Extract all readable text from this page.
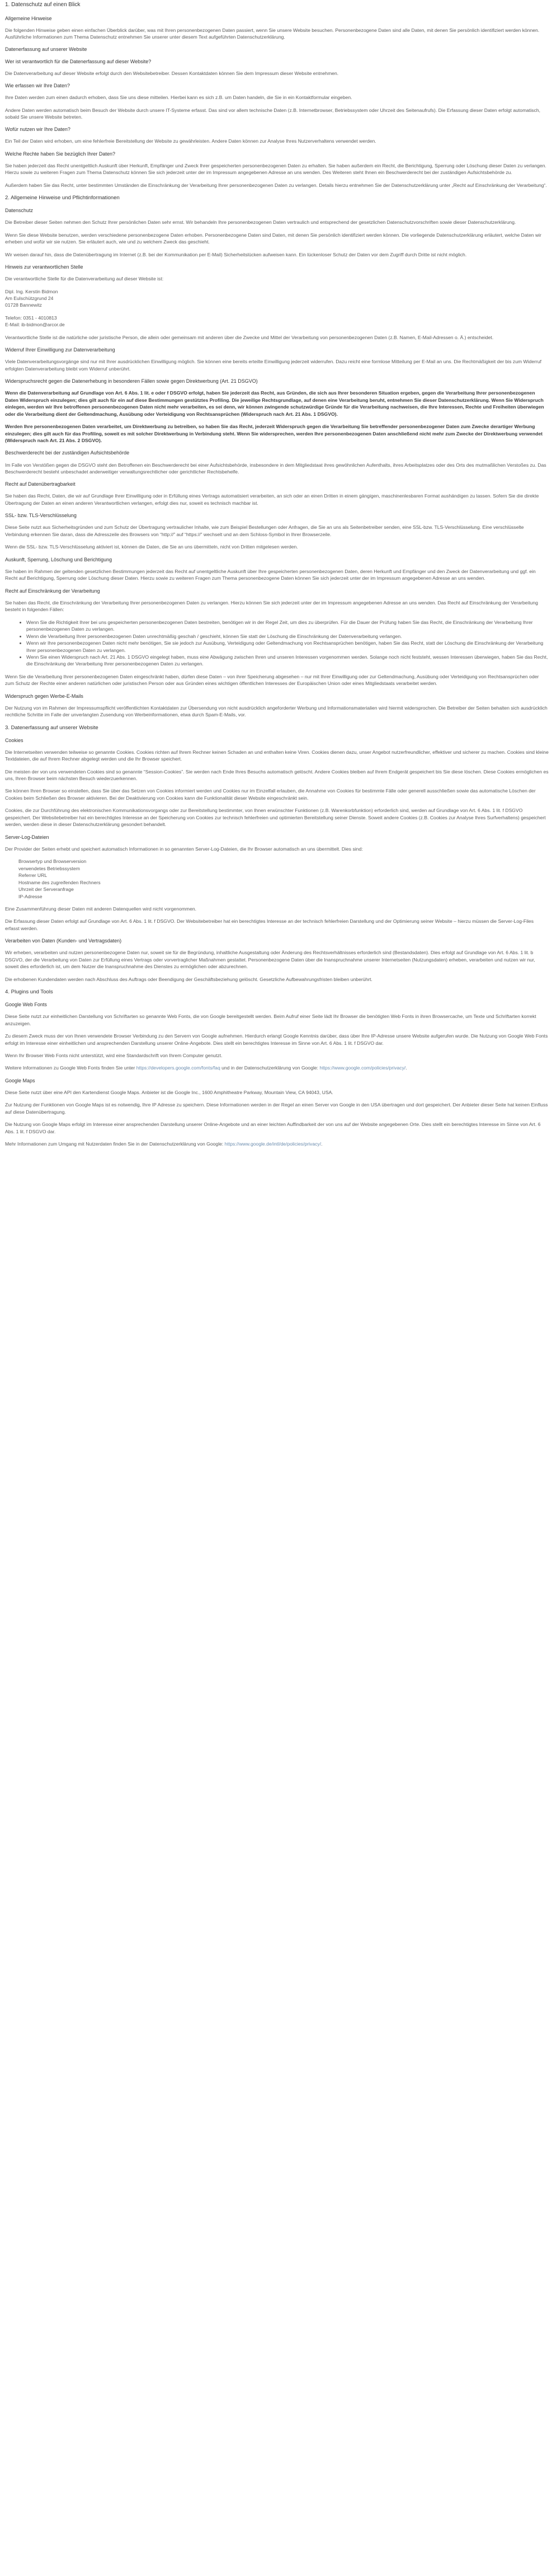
1. Datenschutz auf einen Blick
Allgemeine Hinweise
Die folgenden Hinweise geben einen einfachen Überblick darüber, was mit Ihren personenbezogenen Daten passiert, wenn Sie unsere Website besuchen. Personenbezogene Daten sind alle Daten, mit denen Sie persönlich identifiziert werden können. Ausführliche Informationen zum Thema Datenschutz entnehmen Sie unserer unter diesem Text aufgeführten Datenschutzerklärung.
Datenerfassung auf unserer Website
Wer ist verantwortlich für die Datenerfassung auf dieser Website?
Die Datenverarbeitung auf dieser Website erfolgt durch den Websitebetreiber. Dessen Kontaktdaten können Sie dem Impressum dieser Website entnehmen.
Wie erfassen wir Ihre Daten?
Ihre Daten werden zum einen dadurch erhoben, dass Sie uns diese mitteilen. Hierbei kann es sich z.B. um Daten handeln, die Sie in ein Kontaktformular eingeben.
Andere Daten werden automatisch beim Besuch der Website durch unsere IT-Systeme erfasst. Das sind vor allem technische Daten (z.B. Internetbrowser, Betriebssystem oder Uhrzeit des Seitenaufrufs). Die Erfassung dieser Daten erfolgt automatisch, sobald Sie unsere Website betreten.
Wofür nutzen wir Ihre Daten?
Ein Teil der Daten wird erhoben, um eine fehlerfreie Bereitstellung der Website zu gewährleisten. Andere Daten können zur Analyse Ihres Nutzerverhaltens verwendet werden.
Welche Rechte haben Sie bezüglich Ihrer Daten?
Sie haben jederzeit das Recht unentgeltlich Auskunft über Herkunft, Empfänger und Zweck Ihrer gespeicherten personenbezogenen Daten zu erhalten. Sie haben außerdem ein Recht, die Berichtigung, Sperrung oder Löschung dieser Daten zu verlangen. Hierzu sowie zu weiteren Fragen zum Thema Datenschutz können Sie sich jederzeit unter der im Impressum angegebenen Adresse an uns wenden. Des Weiteren steht Ihnen ein Beschwerderecht bei der zuständigen Aufsichtsbehörde zu.
Außerdem haben Sie das Recht, unter bestimmten Umständen die Einschränkung der Verarbeitung Ihrer personenbezogenen Daten zu verlangen. Details hierzu entnehmen Sie der Datenschutzerklärung unter „Recht auf Einschränkung der Verarbeitung“.
2. Allgemeine Hinweise und Pflichtinformationen
Datenschutz
Die Betreiber dieser Seiten nehmen den Schutz Ihrer persönlichen Daten sehr ernst. Wir behandeln Ihre personenbezogenen Daten vertraulich und entsprechend der gesetzlichen Datenschutzvorschriften sowie dieser Datenschutzerklärung.
Wenn Sie diese Website benutzen, werden verschiedene personenbezogene Daten erhoben. Personenbezogene Daten sind Daten, mit denen Sie persönlich identifiziert werden können. Die vorliegende Datenschutzerklärung erläutert, welche Daten wir erheben und wofür wir sie nutzen. Sie erläutert auch, wie und zu welchem Zweck das geschieht.
Wir weisen darauf hin, dass die Datenübertragung im Internet (z.B. bei der Kommunikation per E-Mail) Sicherheitslücken aufweisen kann. Ein lückenloser Schutz der Daten vor dem Zugriff durch Dritte ist nicht möglich.
Hinweis zur verantwortlichen Stelle
Die verantwortliche Stelle für die Datenverarbeitung auf dieser Website ist:
Dipl. Ing. Kerstin Bidmon
Am Eulschützgrund 24
01728 Bannewitz
Telefon: 0351 - 4010813
E-Mail: ib-bidmon@arcor.de
Verantwortliche Stelle ist die natürliche oder juristische Person, die allein oder gemeinsam mit anderen über die Zwecke und Mittel der Verarbeitung von personenbezogenen Daten (z.B. Namen, E-Mail-Adressen o. Ä.) entscheidet.
Widerruf Ihrer Einwilligung zur Datenverarbeitung
Viele Datenverarbeitungsvorgänge sind nur mit Ihrer ausdrücklichen Einwilligung möglich. Sie können eine bereits erteilte Einwilligung jederzeit widerrufen. Dazu reicht eine formlose Mitteilung per E-Mail an uns. Die Rechtmäßigkeit der bis zum Widerruf erfolgten Datenverarbeitung bleibt vom Widerruf unberührt.
Widerspruchsrecht gegen die Datenerhebung in besonderen Fällen sowie gegen Direktwerbung (Art. 21 DSGVO)
Wenn die Datenverarbeitung auf Grundlage von Art. 6 Abs. 1 lit. e oder f DSGVO erfolgt, haben Sie jederzeit das Recht, aus Gründen, die sich aus Ihrer besonderen Situation ergeben, gegen die Verarbeitung Ihrer personenbezogenen Daten Widerspruch einzulegen; dies gilt auch für ein auf diese Bestimmungen gestütztes Profiling. Die jeweilige Rechtsgrundlage, auf denen eine Verarbeitung beruht, entnehmen Sie dieser Datenschutzerklärung. Wenn Sie Widerspruch einlegen, werden wir Ihre betroffenen personenbezogenen Daten nicht mehr verarbeiten, es sei denn, wir können zwingende schutzwürdige Gründe für die Verarbeitung nachweisen, die Ihre Interessen, Rechte und Freiheiten überwiegen oder die Verarbeitung dient der Geltendmachung, Ausübung oder Verteidigung von Rechtsansprüchen (Widerspruch nach Art. 21 Abs. 1 DSGVO).
Werden Ihre personenbezogenen Daten verarbeitet, um Direktwerbung zu betreiben, so haben Sie das Recht, jederzeit Widerspruch gegen die Verarbeitung Sie betreffender personenbezogener Daten zum Zwecke derartiger Werbung einzulegen; dies gilt auch für das Profiling, soweit es mit solcher Direktwerbung in Verbindung steht. Wenn Sie widersprechen, werden Ihre personenbezogenen Daten anschließend nicht mehr zum Zwecke der Direktwerbung verwendet (Widerspruch nach Art. 21 Abs. 2 DSGVO).
Beschwerderecht bei der zuständigen Aufsichtsbehörde
Im Falle von Verstößen gegen die DSGVO steht den Betroffenen ein Beschwerderecht bei einer Aufsichtsbehörde, insbesondere in dem Mitgliedstaat ihres gewöhnlichen Aufenthalts, ihres Arbeitsplatzes oder des Orts des mutmaßlichen Verstoßes zu. Das Beschwerderecht besteht unbeschadet anderweitiger verwaltungsrechtlicher oder gerichtlicher Rechtsbehelfe.
Recht auf Datenübertragbarkeit
Sie haben das Recht, Daten, die wir auf Grundlage Ihrer Einwilligung oder in Erfüllung eines Vertrags automatisiert verarbeiten, an sich oder an einen Dritten in einem gängigen, maschinenlesbaren Format aushändigen zu lassen. Sofern Sie die direkte Übertragung der Daten an einen anderen Verantwortlichen verlangen, erfolgt dies nur, soweit es technisch machbar ist.
SSL- bzw. TLS-Verschlüsselung
Diese Seite nutzt aus Sicherheitsgründen und zum Schutz der Übertragung vertraulicher Inhalte, wie zum Beispiel Bestellungen oder Anfragen, die Sie an uns als Seitenbetreiber senden, eine SSL-bzw. TLS-Verschlüsselung. Eine verschlüsselte Verbindung erkennen Sie daran, dass die Adresszeile des Browsers von “http://” auf “https://” wechselt und an dem Schloss-Symbol in Ihrer Browserzeile.
Wenn die SSL- bzw. TLS-Verschlüsselung aktiviert ist, können die Daten, die Sie an uns übermitteln, nicht von Dritten mitgelesen werden.
Auskunft, Sperrung, Löschung und Berichtigung
Sie haben im Rahmen der geltenden gesetzlichen Bestimmungen jederzeit das Recht auf unentgeltliche Auskunft über Ihre gespeicherten personenbezogenen Daten, deren Herkunft und Empfänger und den Zweck der Datenverarbeitung und ggf. ein Recht auf Berichtigung, Sperrung oder Löschung dieser Daten. Hierzu sowie zu weiteren Fragen zum Thema personenbezogene Daten können Sie sich jederzeit unter der im Impressum angegebenen Adresse an uns wenden.
Recht auf Einschränkung der Verarbeitung
Sie haben das Recht, die Einschränkung der Verarbeitung Ihrer personenbezogenen Daten zu verlangen. Hierzu können Sie sich jederzeit unter der im Impressum angegebenen Adresse an uns wenden. Das Recht auf Einschränkung der Verarbeitung besteht in folgenden Fällen:
• Wenn Sie die Richtigkeit Ihrer bei uns gespeicherten personenbezogenen Daten bestreiten, benötigen wir in der Regel Zeit, um dies zu überprüfen. Für die Dauer der Prüfung haben Sie das Recht, die Einschränkung der Verarbeitung Ihrer personenbezogenen Daten zu verlangen.
• Wenn die Verarbeitung Ihrer personenbezogenen Daten unrechtmäßig geschah / geschieht, können Sie statt der Löschung die Einschränkung der Datenverarbeitung verlangen.
• Wenn wir Ihre personenbezogenen Daten nicht mehr benötigen, Sie sie jedoch zur Ausübung, Verteidigung oder Geltendmachung von Rechtsansprüchen benötigen, haben Sie das Recht, statt der Löschung die Einschränkung der Verarbeitung Ihrer personenbezogenen Daten zu verlangen.
• Wenn Sie einen Widerspruch nach Art. 21 Abs. 1 DSGVO eingelegt haben, muss eine Abwägung zwischen Ihren und unseren Interessen vorgenommen werden. Solange noch nicht feststeht, wessen Interessen überwiegen, haben Sie das Recht, die Einschränkung der Verarbeitung Ihrer personenbezogenen Daten zu verlangen.
Wenn Sie die Verarbeitung Ihrer personenbezogenen Daten eingeschränkt haben, dürfen diese Daten – von ihrer Speicherung abgesehen – nur mit Ihrer Einwilligung oder zur Geltendmachung, Ausübung oder Verteidigung von Rechtsansprüchen oder zum Schutz der Rechte einer anderen natürlichen oder juristischen Person oder aus Gründen eines wichtigen öffentlichen Interesses der Europäischen Union oder eines Mitgliedstaats verarbeitet werden.
Widerspruch gegen Werbe-E-Mails
Der Nutzung von im Rahmen der Impressumspflicht veröffentlichten Kontaktdaten zur Übersendung von nicht ausdrücklich angeforderter Werbung und Informationsmaterialien wird hiermit widersprochen. Die Betreiber der Seiten behalten sich ausdrücklich rechtliche Schritte im Falle der unverlangten Zusendung von Werbeinformationen, etwa durch Spam-E-Mails, vor.
3. Datenerfassung auf unserer Website
Cookies
Die Internetseiten verwenden teilweise so genannte Cookies. Cookies richten auf Ihrem Rechner keinen Schaden an und enthalten keine Viren. Cookies dienen dazu, unser Angebot nutzerfreundlicher, effektiver und sicherer zu machen. Cookies sind kleine Textdateien, die auf Ihrem Rechner abgelegt werden und die Ihr Browser speichert.
Die meisten der von uns verwendeten Cookies sind so genannte “Session-Cookies”. Sie werden nach Ende Ihres Besuchs automatisch gelöscht. Andere Cookies bleiben auf Ihrem Endgerät gespeichert bis Sie diese löschen. Diese Cookies ermöglichen es uns, Ihren Browser beim nächsten Besuch wiederzuerkennen.
Sie können Ihren Browser so einstellen, dass Sie über das Setzen von Cookies informiert werden und Cookies nur im Einzelfall erlauben, die Annahme von Cookies für bestimmte Fälle oder generell ausschließen sowie das automatische Löschen der Cookies beim Schließen des Browser aktivieren. Bei der Deaktivierung von Cookies kann die Funktionalität dieser Website eingeschränkt sein.
Cookies, die zur Durchführung des elektronischen Kommunikationsvorgangs oder zur Bereitstellung bestimmter, von Ihnen erwünschter Funktionen (z.B. Warenkorbfunktion) erforderlich sind, werden auf Grundlage von Art. 6 Abs. 1 lit. f DSGVO gespeichert. Der Websitebetreiber hat ein berechtigtes Interesse an der Speicherung von Cookies zur technisch fehlerfreien und optimierten Bereitstellung seiner Dienste. Soweit andere Cookies (z.B. Cookies zur Analyse Ihres Surfverhaltens) gespeichert werden, werden diese in dieser Datenschutzerklärung gesondert behandelt.
Server-Log-Dateien
Der Provider der Seiten erhebt und speichert automatisch Informationen in so genannten Server-Log-Dateien, die Ihr Browser automatisch an uns übermittelt. Dies sind:
Browsertyp und Browserversion
verwendetes Betriebssystem
Referrer URL
Hostname des zugreifenden Rechners
Uhrzeit der Serveranfrage
IP-Adresse
Eine Zusammenführung dieser Daten mit anderen Datenquellen wird nicht vorgenommen.
Die Erfassung dieser Daten erfolgt auf Grundlage von Art. 6 Abs. 1 lit. f DSGVO. Der Websitebetreiber hat ein berechtigtes Interesse an der technisch fehlerfreien Darstellung und der Optimierung seiner Website – hierzu müssen die Server-Log-Files erfasst werden.
Verarbeiten von Daten (Kunden- und Vertragsdaten)
Wir erheben, verarbeiten und nutzen personenbezogene Daten nur, soweit sie für die Begründung, inhaltliche Ausgestaltung oder Änderung des Rechtsverhältnisses erforderlich sind (Bestandsdaten). Dies erfolgt auf Grundlage von Art. 6 Abs. 1 lit. b DSGVO, der die Verarbeitung von Daten zur Erfüllung eines Vertrags oder vorvertraglicher Maßnahmen gestattet. Personenbezogene Daten über die Inanspruchnahme unserer Internetseiten (Nutzungsdaten) erheben, verarbeiten und nutzen wir nur, soweit dies erforderlich ist, um dem Nutzer die Inanspruchnahme des Dienstes zu ermöglichen oder abzurechnen.
Die erhobenen Kundendaten werden nach Abschluss des Auftrags oder Beendigung der Geschäftsbeziehung gelöscht. Gesetzliche Aufbewahrungsfristen bleiben unberührt.
4. Plugins und Tools
Google Web Fonts
Diese Seite nutzt zur einheitlichen Darstellung von Schriftarten so genannte Web Fonts, die von Google bereitgestellt werden. Beim Aufruf einer Seite lädt Ihr Browser die benötigten Web Fonts in ihren Browsercache, um Texte und Schriftarten korrekt anzuzeigen.
Zu diesem Zweck muss der von Ihnen verwendete Browser Verbindung zu den Servern von Google aufnehmen. Hierdurch erlangt Google Kenntnis darüber, dass über Ihre IP-Adresse unsere Website aufgerufen wurde. Die Nutzung von Google Web Fonts erfolgt im Interesse einer einheitlichen und ansprechenden Darstellung unserer Online-Angebote. Dies stellt ein berechtigtes Interesse im Sinne von Art. 6 Abs. 1 lit. f DSGVO dar.
Wenn Ihr Browser Web Fonts nicht unterstützt, wird eine Standardschrift von Ihrem Computer genutzt.
Weitere Informationen zu Google Web Fonts finden Sie unter https://developers.google.com/fonts/faq und in der Datenschutzerklärung von Google: https://www.google.com/policies/privacy/.
Google Maps
Diese Seite nutzt über eine API den Kartendienst Google Maps. Anbieter ist die Google Inc., 1600 Amphitheatre Parkway, Mountain View, CA 94043, USA.
Zur Nutzung der Funktionen von Google Maps ist es notwendig, Ihre IP Adresse zu speichern. Diese Informationen werden in der Regel an einen Server von Google in den USA übertragen und dort gespeichert. Der Anbieter dieser Seite hat keinen Einfluss auf diese Datenübertragung.
Die Nutzung von Google Maps erfolgt im Interesse einer ansprechenden Darstellung unserer Online-Angebote und an einer leichten Auffindbarkeit der von uns auf der Website angegebenen Orte. Dies stellt ein berechtigtes Interesse im Sinne von Art. 6 Abs. 1 lit. f DSGVO dar.
Mehr Informationen zum Umgang mit Nutzerdaten finden Sie in der Datenschutzerklärung von Google: https://www.google.de/intl/de/policies/privacy/.
